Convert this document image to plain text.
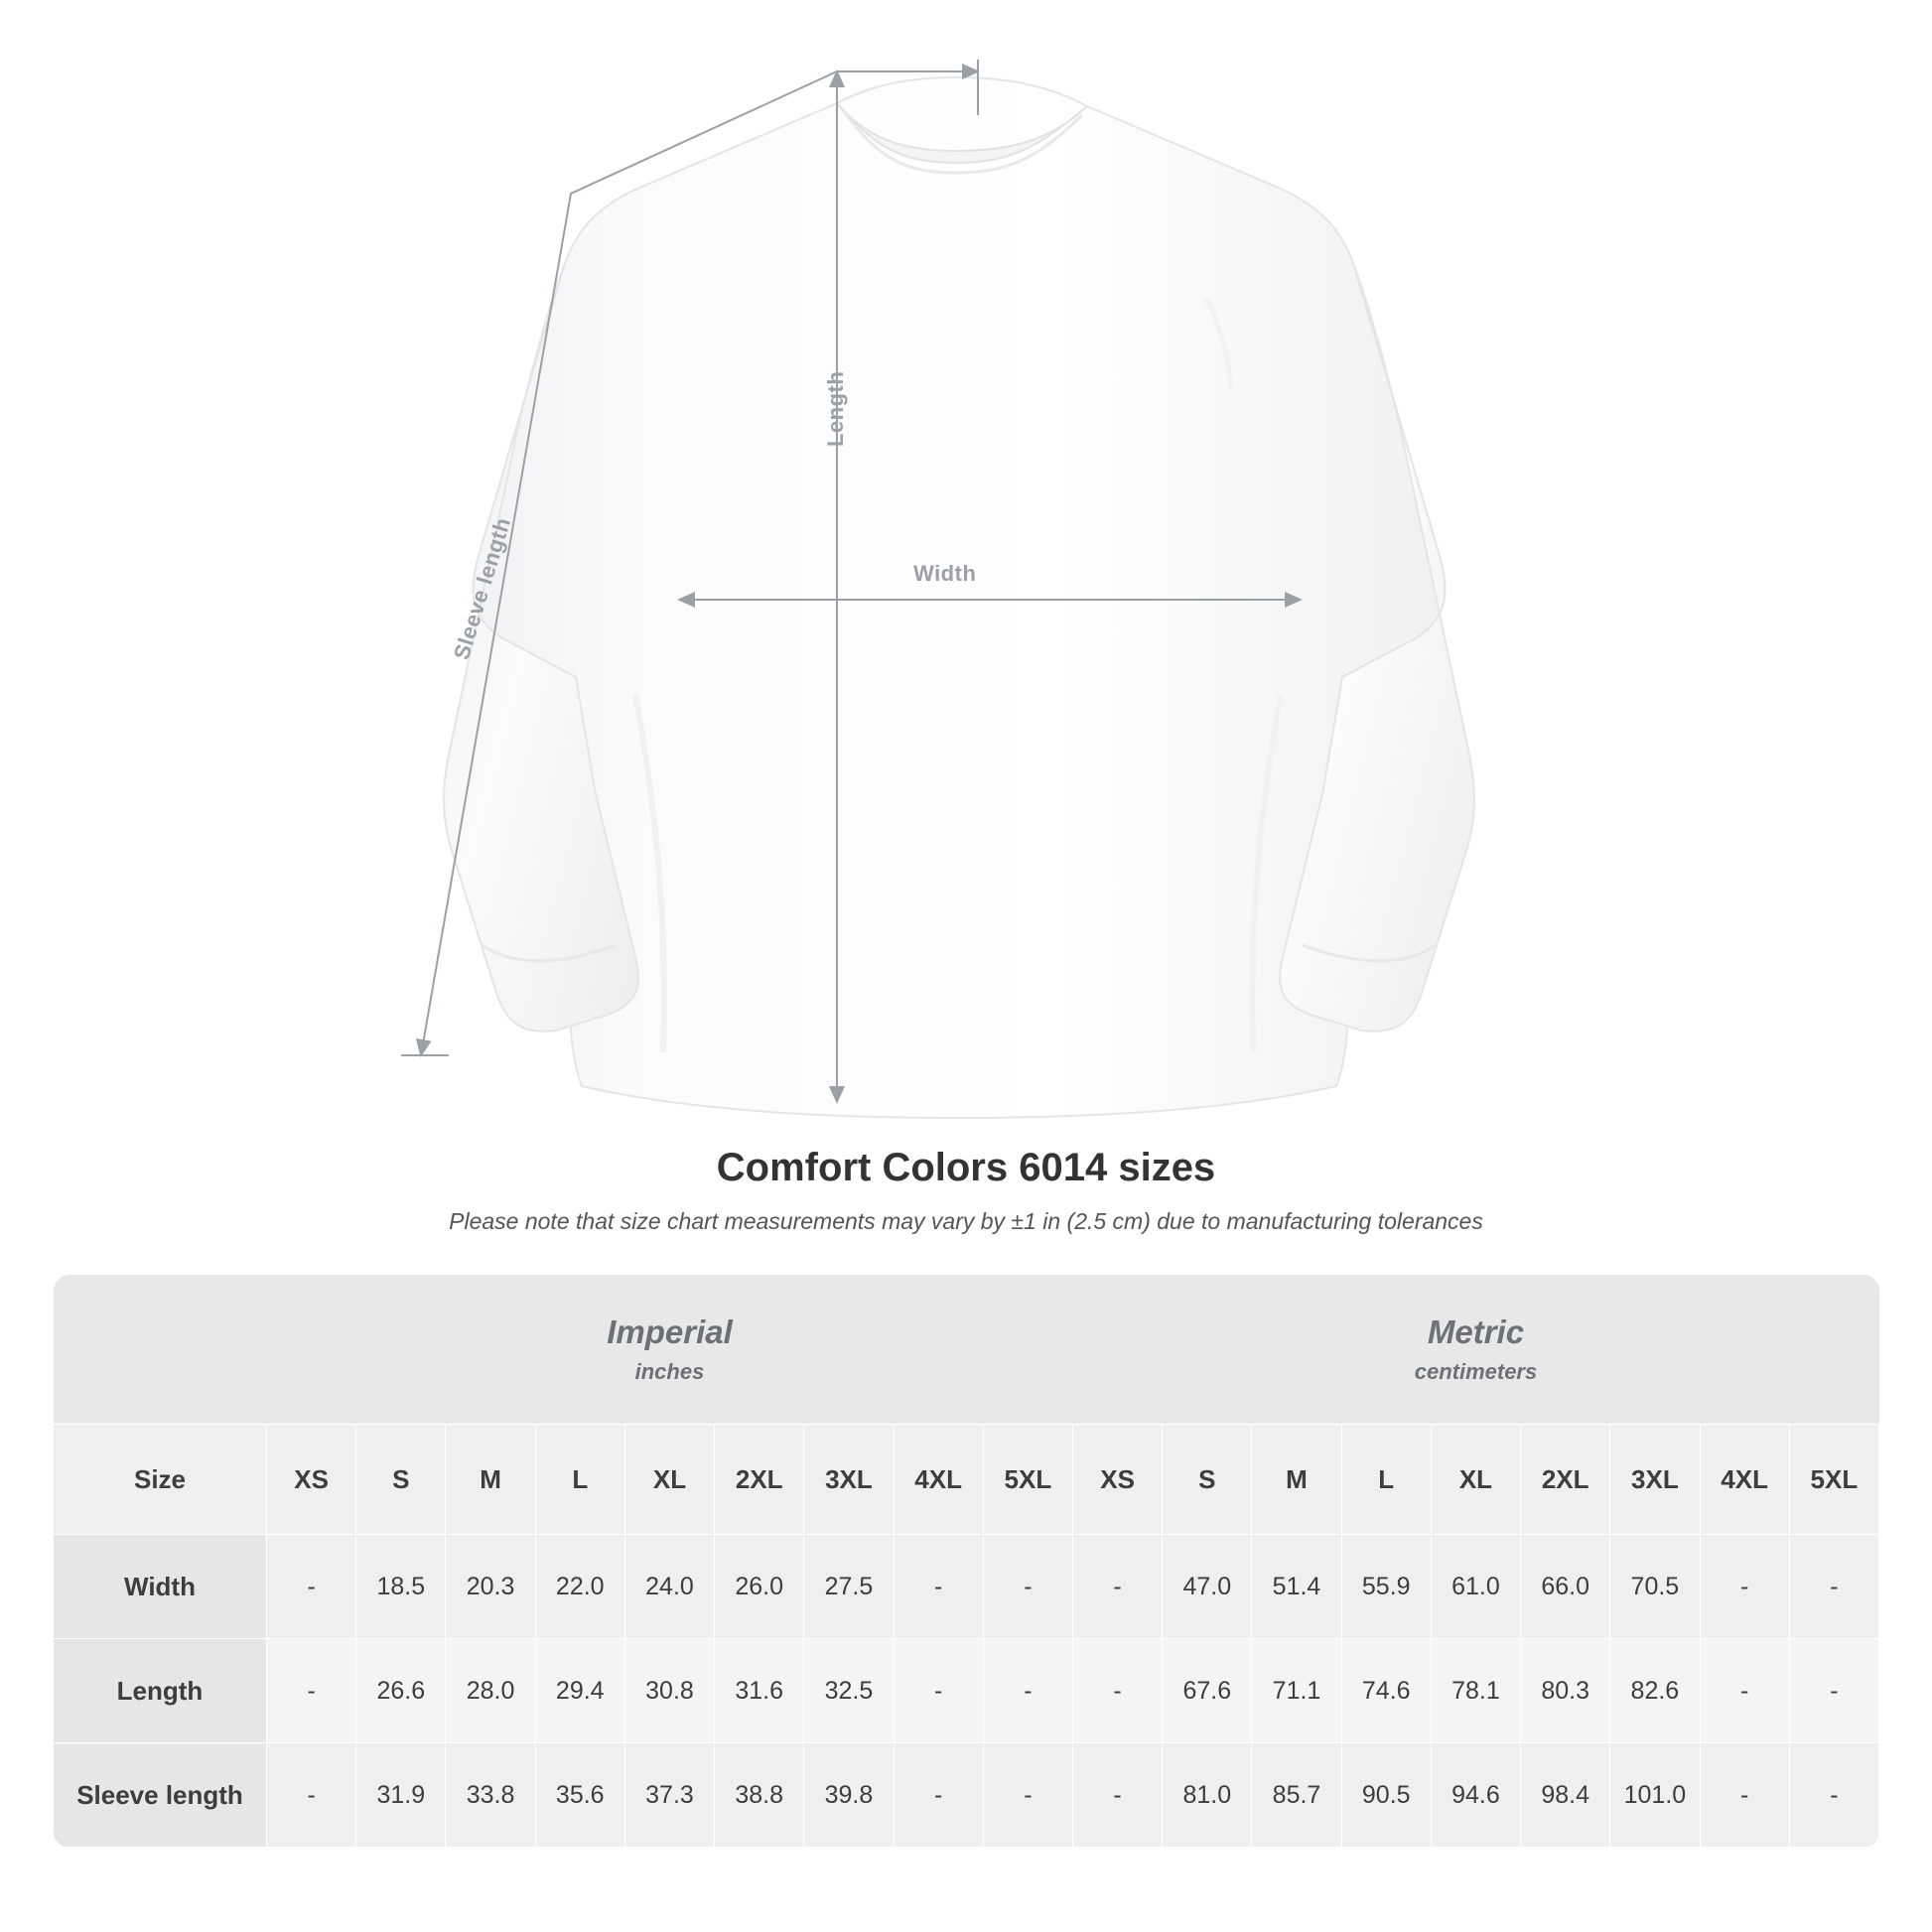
Width
Length
Sleeve length
Comfort Colors 6014 sizes

Please note that size chart measurements may vary by ±1 in (2.5 cm) due to manufacturing tolerances

	Imperial
inches									Metric
centimeters								

Size	XS	S	M	L	XL	2XL	3XL	4XL	5XL	XS	S	M	L	XL	2XL	3XL	4XL	5XL
Width	-	18.5	20.3	22.0	24.0	26.0	27.5	-	-	-	47.0	51.4	55.9	61.0	66.0	70.5	-	-
Length	-	26.6	28.0	29.4	30.8	31.6	32.5	-	-	-	67.6	71.1	74.6	78.1	80.3	82.6	-	-
Sleeve length	-	31.9	33.8	35.6	37.3	38.8	39.8	-	-	-	81.0	85.7	90.5	94.6	98.4	101.0	-	-
